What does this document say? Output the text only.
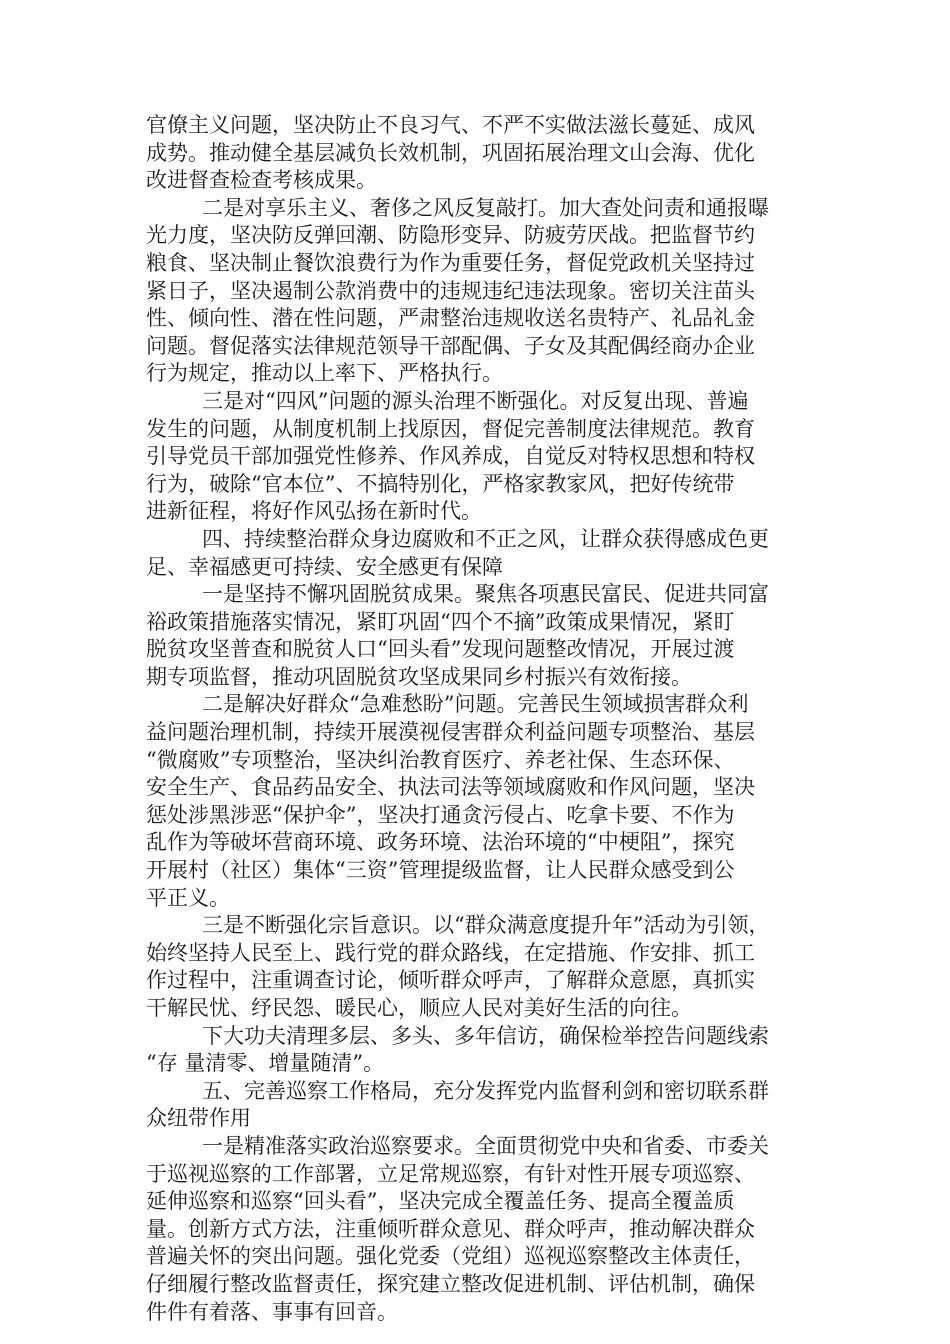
官僚主义问题，坚决防止不良习气、不严不实做法滋长蔓延、成风
成势。推动健全基层减负长效机制，巩固拓展治理文山会海、优化
改进督查检查考核成果。
二是对享乐主义、奢侈之风反复敲打。加大查处问责和通报曝
光力度，坚决防反弹回潮、防隐形变异、防疲劳厌战。把监督节约
粮食、坚决制止餐饮浪费行为作为重要任务，督促党政机关坚持过
紧日子，坚决遏制公款消费中的违规违纪违法现象。密切关注苗头
性、倾向性、潜在性问题，严肃整治违规收送名贵特产、礼品礼金
问题。督促落实法律规范领导干部配偶、子女及其配偶经商办企业
行为规定，推动以上率下、严格执行。
三是对“四风”问题的源头治理不断强化。对反复出现、普遍
发生的问题，从制度机制上找原因，督促完善制度法律规范。教育
引导党员干部加强党性修养、作风养成，自觉反对特权思想和特权
行为，破除“官本位”、不搞特别化，严格家教家风，把好传统带
进新征程，将好作风弘扬在新时代。
四、持续整治群众身边腐败和不正之风，让群众获得感成色更
足、幸福感更可持续、安全感更有保障
一是坚持不懈巩固脱贫成果。聚焦各项惠民富民、促进共同富
裕政策措施落实情况，紧盯巩固“四个不摘”政策成果情况，紧盯
脱贫攻坚普查和脱贫人口“回头看”发现问题整改情况，开展过渡
期专项监督，推动巩固脱贫攻坚成果同乡村振兴有效衔接。
二是解决好群众“急难愁盼”问题。完善民生领域损害群众利
益问题治理机制，持续开展漠视侵害群众利益问题专项整治、基层
“微腐败”专项整治，坚决纠治教育医疗、养老社保、生态环保、
安全生产、食品药品安全、执法司法等领域腐败和作风问题，坚决
惩处涉黑涉恶“保护伞”，坚决打通贪污侵占、吃拿卡要、不作为
乱作为等破坏营商环境、政务环境、法治环境的“中梗阻”，探究
开展村（社区）集体“三资”管理提级监督，让人民群众感受到公
平正义。
三是不断强化宗旨意识。以“群众满意度提升年”活动为引领，
始终坚持人民至上、践行党的群众路线，在定措施、作安排、抓工
作过程中，注重调查讨论，倾听群众呼声，了解群众意愿，真抓实
干解民忧、纾民怨、暖民心，顺应人民对美好生活的向往。
下大功夫清理多层、多头、多年信访，确保检举控告问题线索
“存 量清零、增量随清”。
五、完善巡察工作格局，充分发挥党内监督利剑和密切联系群
众纽带作用
一是精准落实政治巡察要求。全面贯彻党中央和省委、市委关
于巡视巡察的工作部署，立足常规巡察，有针对性开展专项巡察、
延伸巡察和巡察“回头看”，坚决完成全覆盖任务、提高全覆盖质
量。创新方式方法，注重倾听群众意见、群众呼声，推动解决群众
普遍关怀的突出问题。强化党委（党组）巡视巡察整改主体责任，
仔细履行整改监督责任，探究建立整改促进机制、评估机制，确保
件件有着落、事事有回音。
